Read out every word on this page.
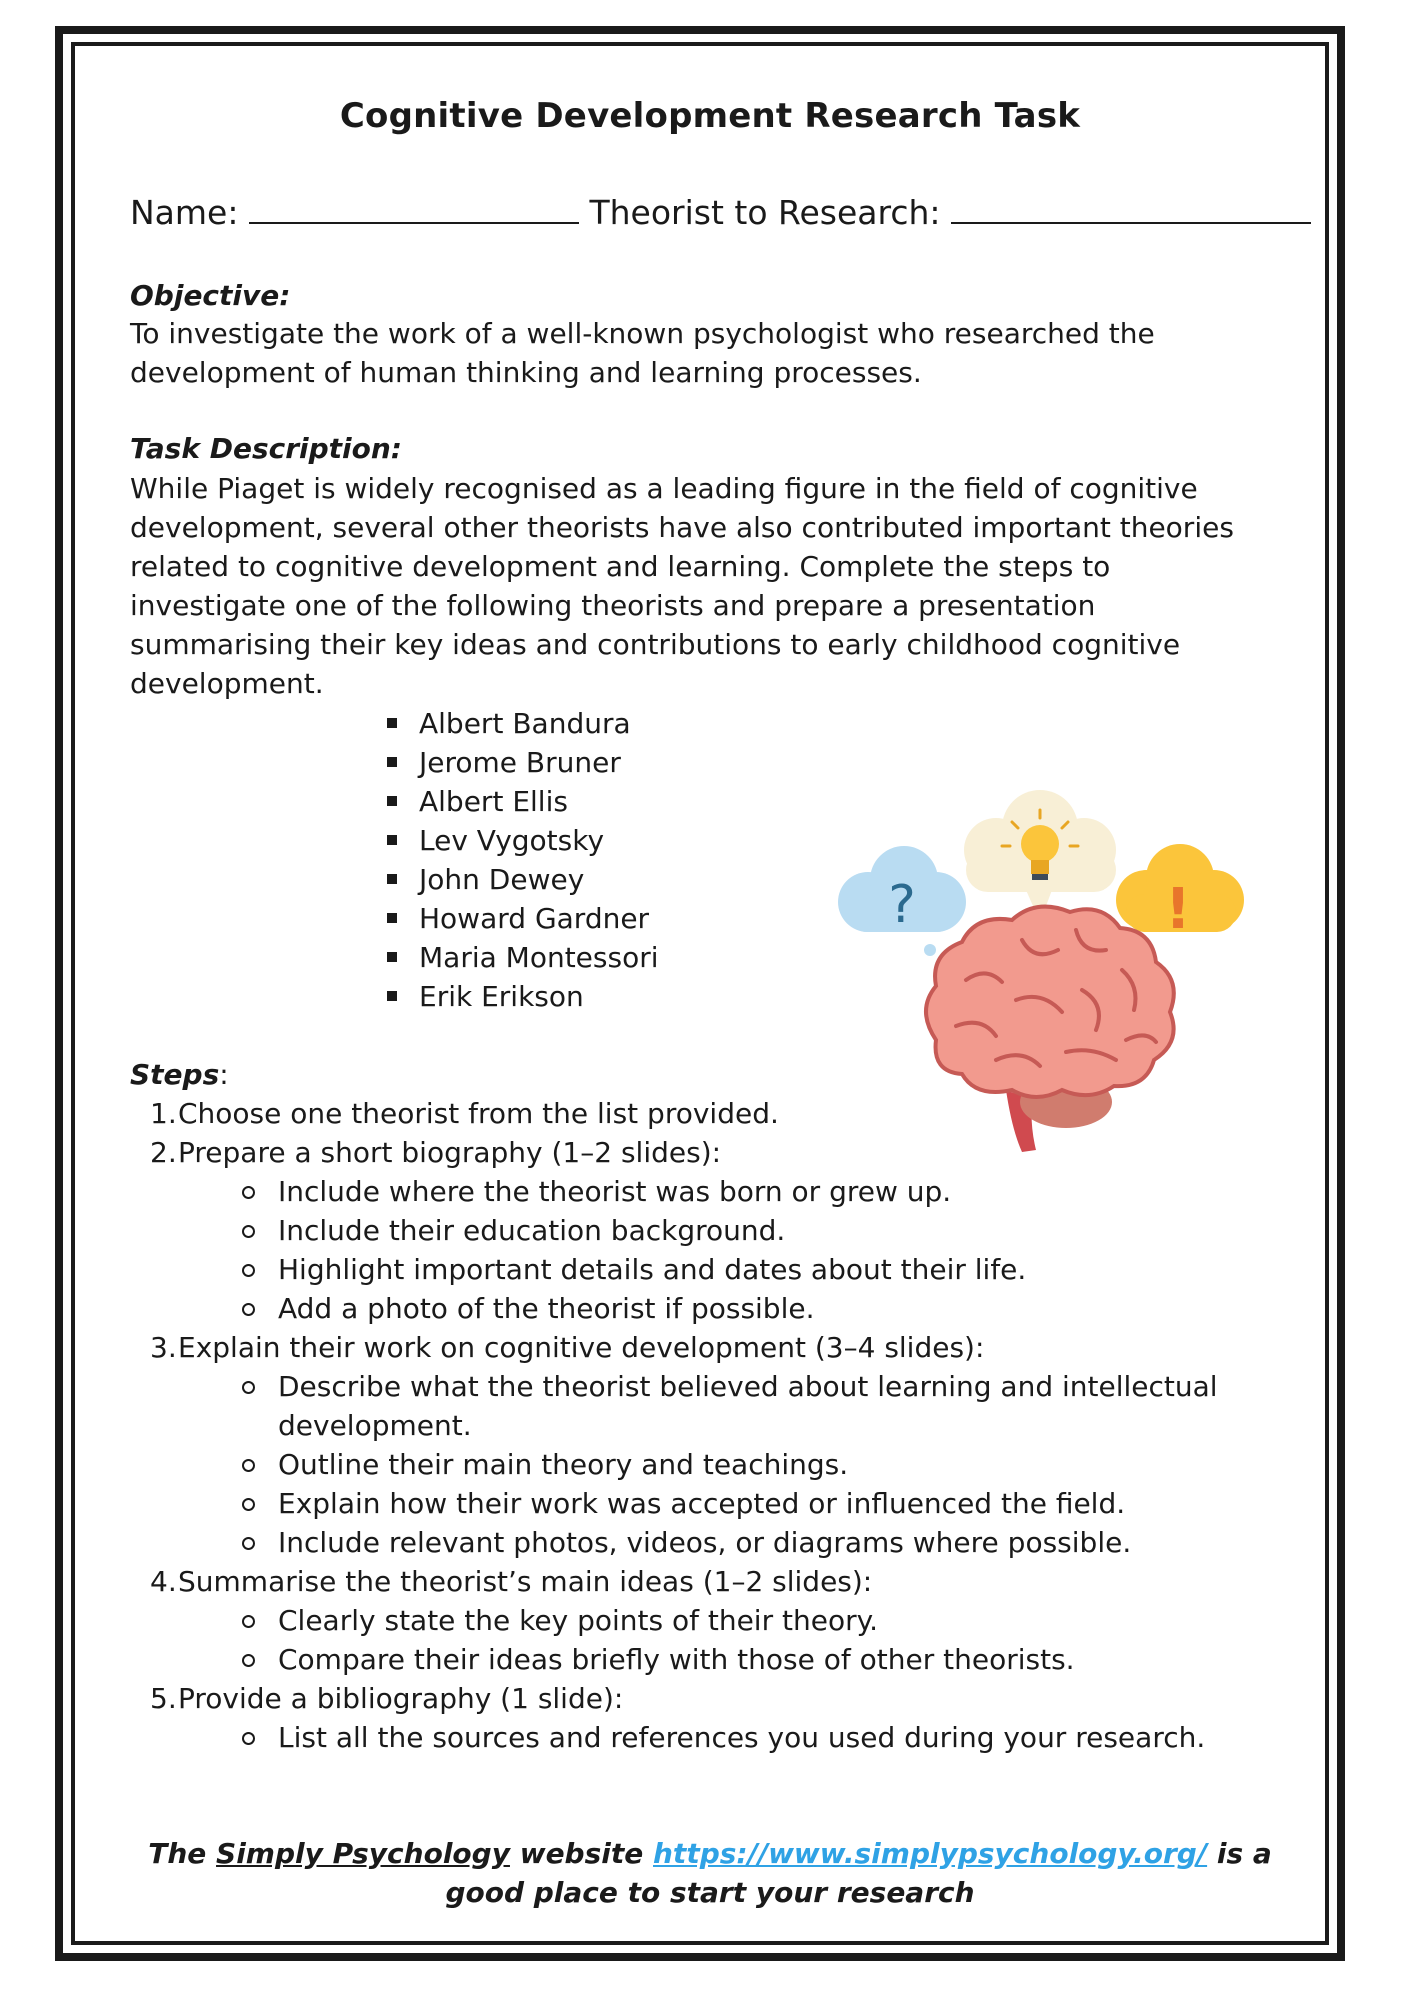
Cognitive Development Research Task

Name:	Theorist to Research:

Objective:

To investigate the work of a well-known psychologist who researched the development of human thinking and learning processes.

Task Description:

While Piaget is widely recognised as a leading figure in the field of cognitive development, several other theorists have also contributed important theories related to cognitive development and learning. Complete the steps to investigate one of the following theorists and prepare a presentation summarising their key ideas and contributions to early childhood cognitive development.

Albert Bandura
Jerome Bruner
Albert Ellis
Lev Vygotsky
John Dewey
Howard Gardner
Maria Montessori
Erik Erikson

Steps:

1. Choose one theorist from the list provided.
2. Prepare a short biography (1–2 slides):
Include where the theorist was born or grew up.
Include their education background.
Highlight important details and dates about their life.
Add a photo of the theorist if possible.
3. Explain their work on cognitive development (3–4 slides):
Describe what the theorist believed about learning and intellectual development.
Outline their main theory and teachings.
Explain how their work was accepted or influenced the field.
Include relevant photos, videos, or diagrams where possible.
4. Summarise the theorist’s main ideas (1–2 slides):
Clearly state the key points of their theory.
Compare their ideas briefly with those of other theorists.
5. Provide a bibliography (1 slide):
List all the sources and references you used during your research.

The Simply Psychology website https://www.simplypsychology.org/ is a good place to start your research

?	!
